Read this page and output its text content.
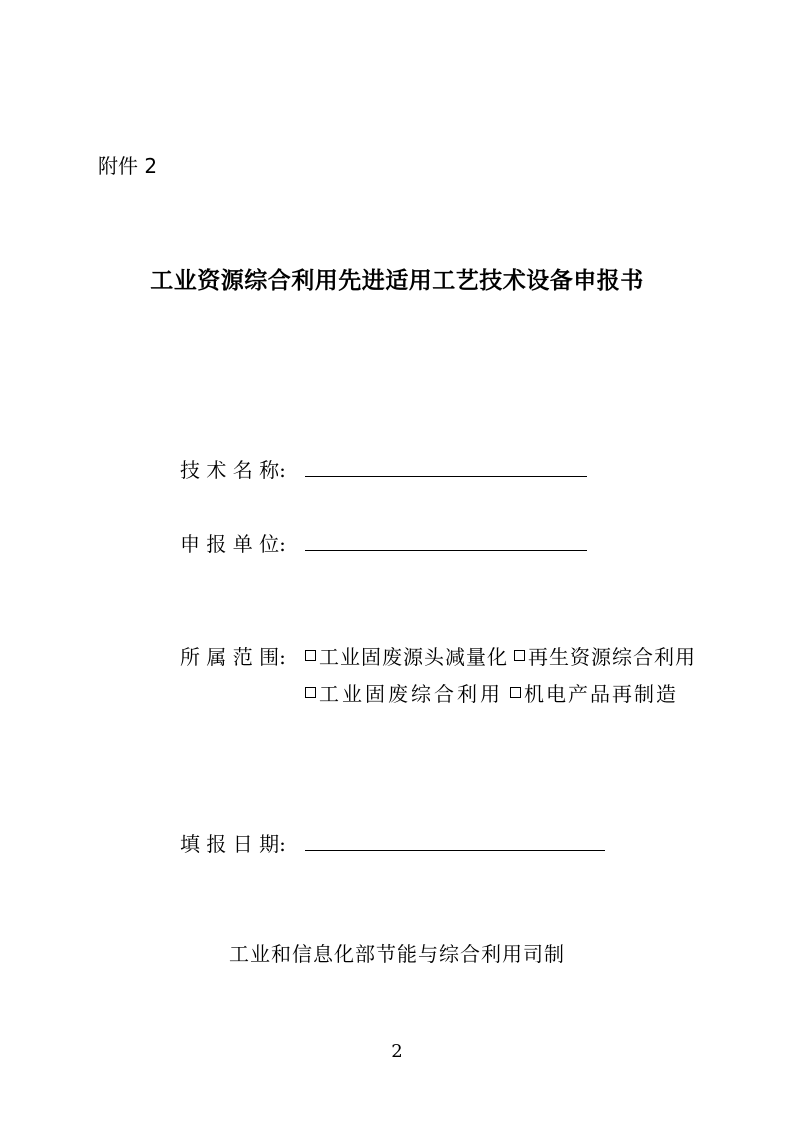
附件 2
工业资源综合利用先进适用工艺技术设备申报书
技 术 名 称:
申 报 单 位:
所 属 范 围:	工业固废源头减量化	再生资源综合利用
工业固废综合利用	机电产品再制造
填 报 日 期:
工业和信息化部节能与综合利用司制
2
